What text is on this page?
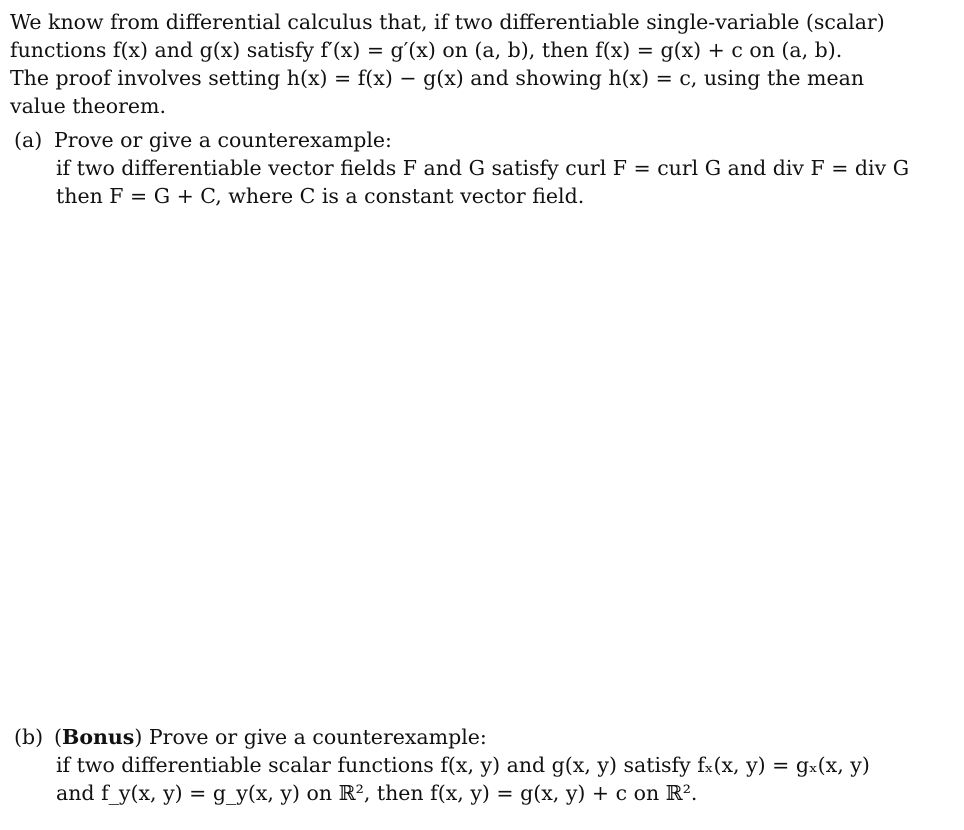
We know from differential calculus that, if two differentiable single-variable (scalar)
functions f(x) and g(x) satisfy f′(x) = g′(x) on (a, b), then f(x) = g(x) + c on (a, b).
The proof involves setting h(x) = f(x) − g(x) and showing h(x) = c, using the mean
value theorem.
(a) Prove or give a counterexample:
if two differentiable vector fields F and G satisfy curl F = curl G and div F = div G
then F = G + C, where C is a constant vector field.
(b) (Bonus) Prove or give a counterexample:
if two differentiable scalar functions f(x, y) and g(x, y) satisfy fₓ(x, y) = gₓ(x, y)
and f_y(x, y) = g_y(x, y) on ℝ², then f(x, y) = g(x, y) + c on ℝ².
